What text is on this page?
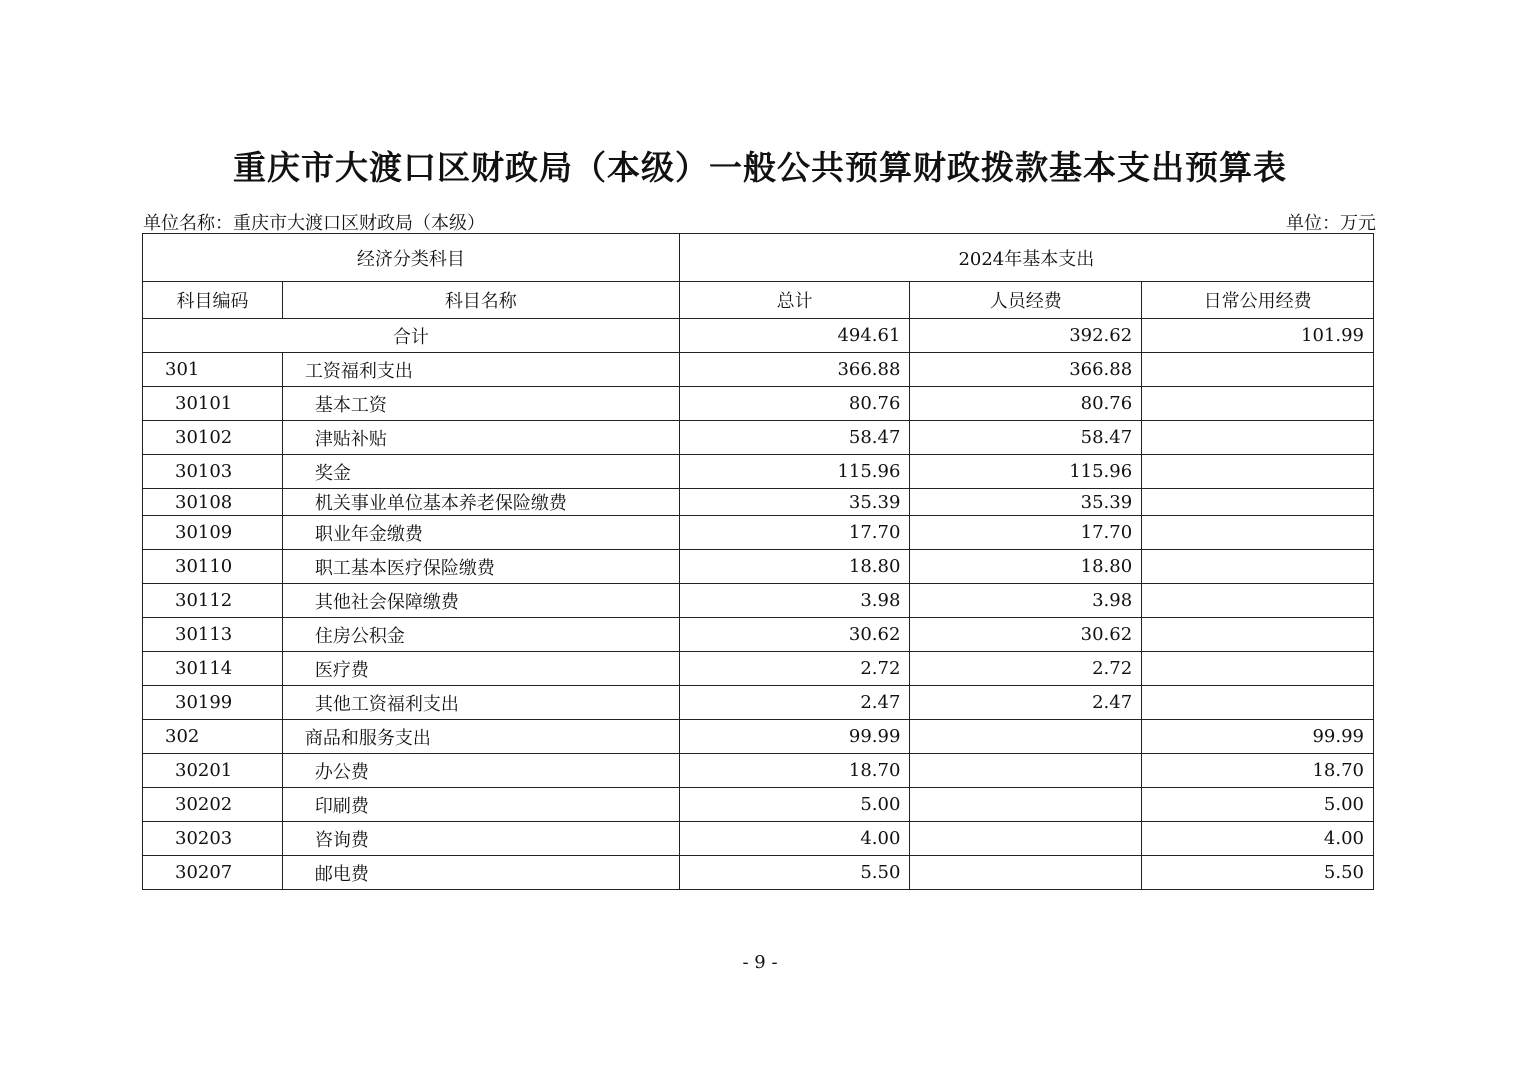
重庆市大渡口区财政局（本级）一般公共预算财政拨款基本支出预算表
单位名称：重庆市大渡口区财政局（本级）	单位：万元
经济分类科目		2024年基本支出		
科目编码	科目名称	总计	人员经费	日常公用经费
合计		494.61	392.62	101.99
301	工资福利支出	366.88	366.88	
30101	基本工资	80.76	80.76	
30102	津贴补贴	58.47	58.47	
30103	奖金	115.96	115.96	
30108	机关事业单位基本养老保险缴费	35.39	35.39	
30109	职业年金缴费	17.70	17.70	
30110	职工基本医疗保险缴费	18.80	18.80	
30112	其他社会保障缴费	3.98	3.98	
30113	住房公积金	30.62	30.62	
30114	医疗费	2.72	2.72	
30199	其他工资福利支出	2.47	2.47	
302	商品和服务支出	99.99		99.99
30201	办公费	18.70		18.70
30202	印刷费	5.00		5.00
30203	咨询费	4.00		4.00
30207	邮电费	5.50		5.50
- 9 -
